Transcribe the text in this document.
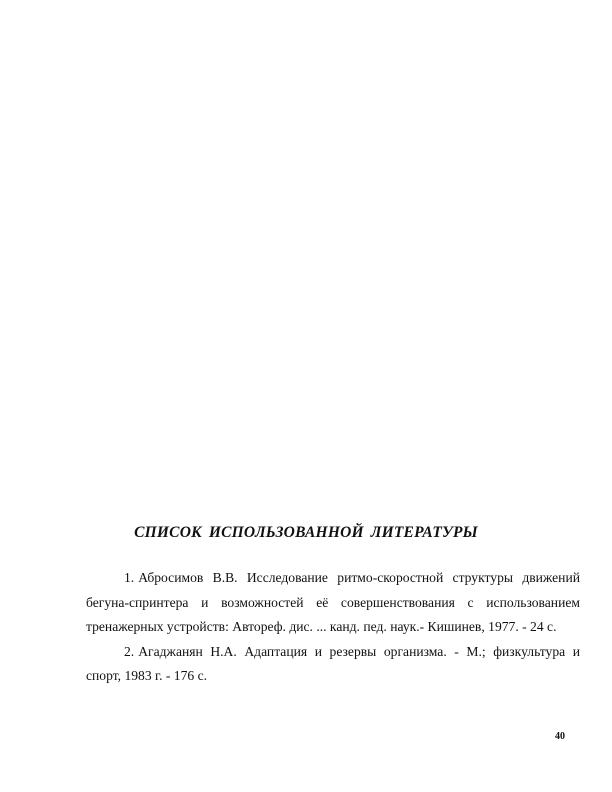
СПИСОК ИСПОЛЬЗОВАННОЙ ЛИТЕРАТУРЫ

1. Абросимов В.В. Исследование ритмо-скоростной структуры движений бегуна-спринтера и возможностей её совершенствования с использованием тренажерных устройств: Автореф. дис. ... канд. пед. наук.- Кишинев, 1977. - 24 с.

2. Агаджанян Н.А. Адаптация и резервы организма. - М.; физкультура и спорт, 1983 г. - 176 с.

40
